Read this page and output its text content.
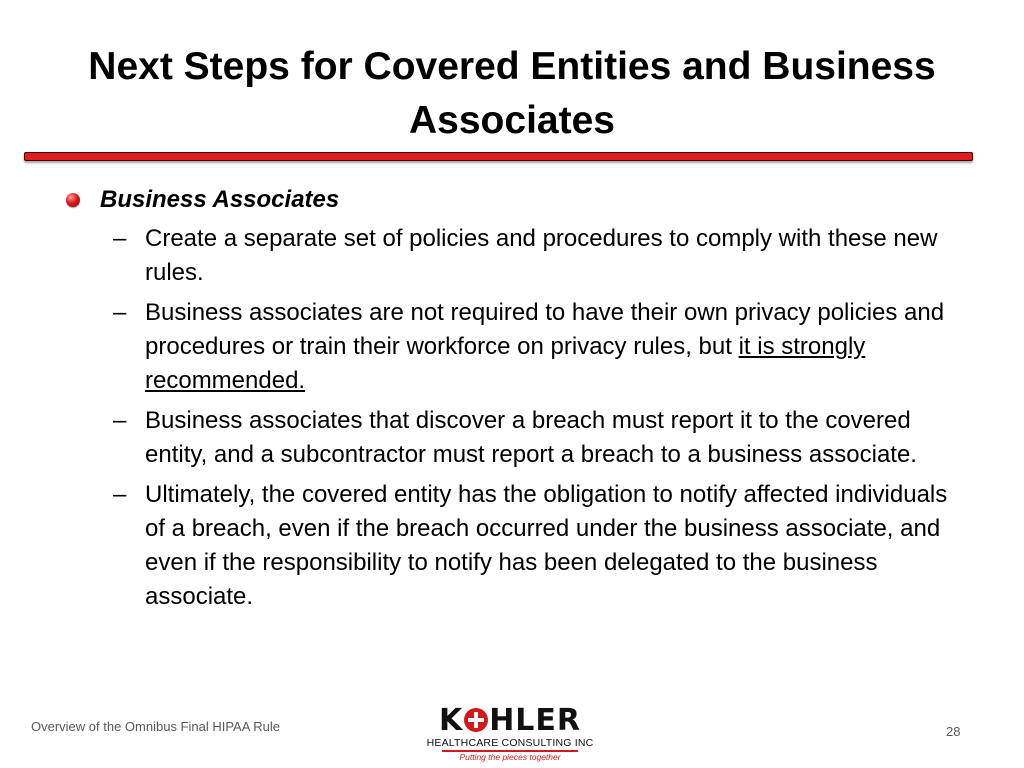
Next Steps for Covered Entities and Business Associates
Business Associates
– Create a separate set of policies and procedures to comply with these new rules.
– Business associates are not required to have their own privacy policies and procedures or train their workforce on privacy rules, but it is strongly recommended.
– Business associates that discover a breach must report it to the covered entity, and a subcontractor must report a breach to a business associate.
– Ultimately, the covered entity has the obligation to notify affected individuals of a breach, even if the breach occurred under the business associate, and even if the responsibility to notify has been delegated to the business associate.
Overview of the Omnibus Final HIPAA Rule	K HLER
HEALTHCARE CONSULTING INC
Putting the pieces together
28
